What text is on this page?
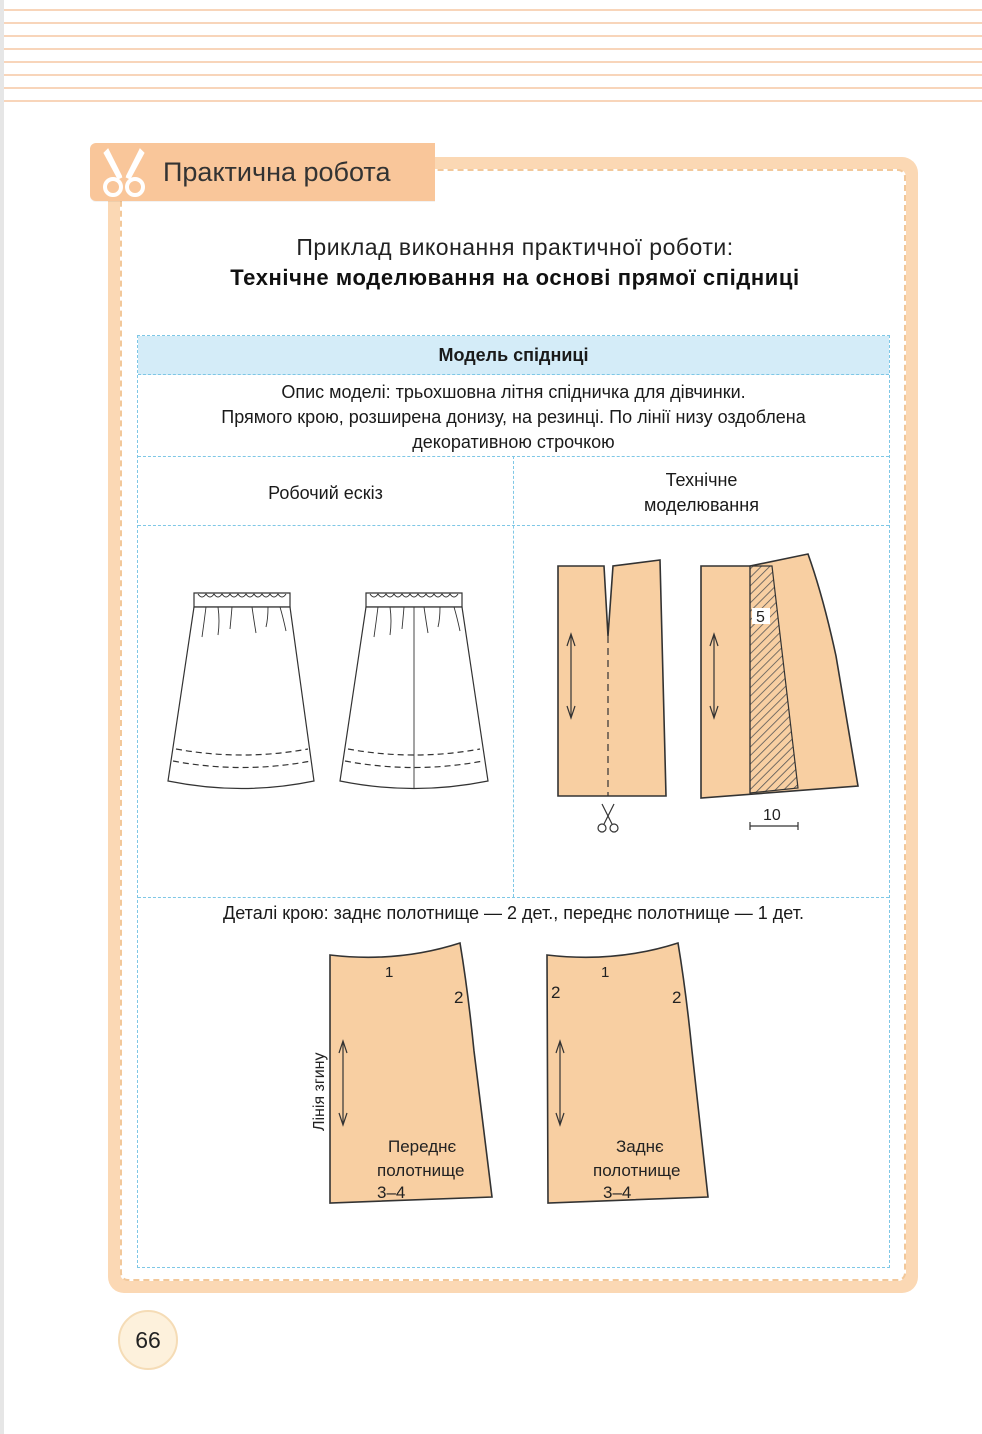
Практична робота
Приклад виконання практичної роботи:
Технічне моделювання на основі прямої спідниці
Модель спідниці
Опис моделі: трьохшовна літня спідничка для дівчинки.
Прямого крою, розширена донизу, на резинці. По лінії низу оздоблена
декоративною строчкою
Робочий ескіз
Технічне
моделювання
5
10
Деталі крою: заднє полотнище — 2 дет., переднє полотнище — 1 дет.
Лінія згину
1
2
Переднє
полотнище
3–4
1
2	2
Заднє
полотнище
3–4
66
